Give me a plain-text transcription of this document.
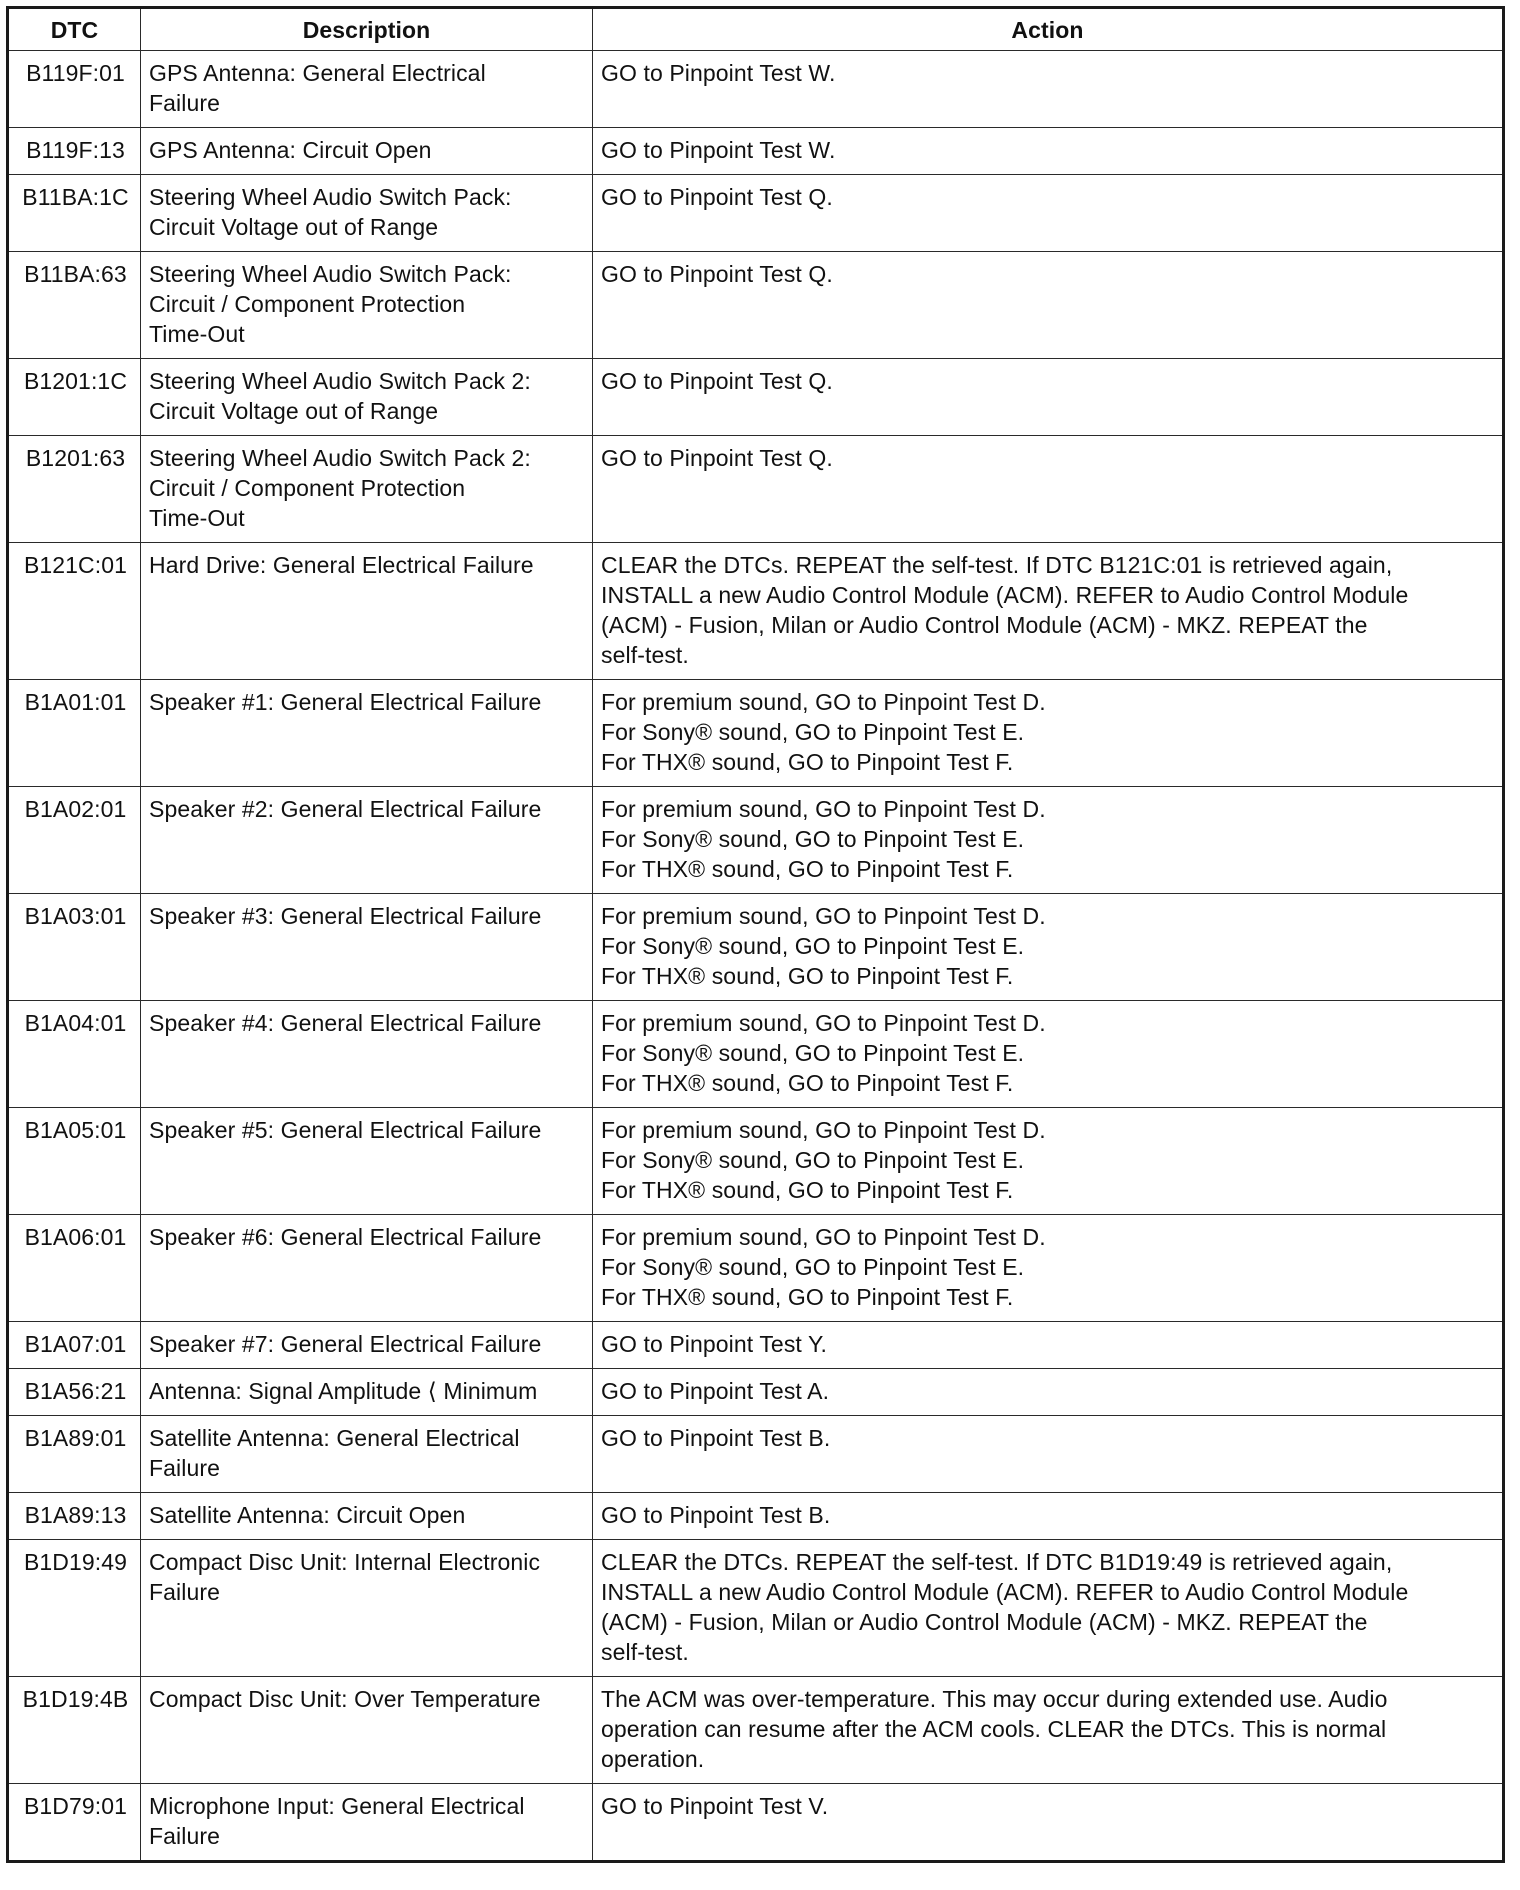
DTC	Description	Action
B119F:01	GPS Antenna: General Electrical
Failure	GO to Pinpoint Test W.

B119F:13	GPS Antenna: Circuit Open	GO to Pinpoint Test W.

B11BA:1C	Steering Wheel Audio Switch Pack:
Circuit Voltage out of Range	GO to Pinpoint Test Q.

B11BA:63	Steering Wheel Audio Switch Pack:
Circuit / Component Protection
Time-Out	GO to Pinpoint Test Q.

B1201:1C	Steering Wheel Audio Switch Pack 2:
Circuit Voltage out of Range	GO to Pinpoint Test Q.

B1201:63	Steering Wheel Audio Switch Pack 2:
Circuit / Component Protection
Time-Out	GO to Pinpoint Test Q.

B121C:01	Hard Drive: General Electrical Failure	CLEAR the DTCs. REPEAT the self-test. If DTC B121C:01 is retrieved again,
INSTALL a new Audio Control Module (ACM). REFER to Audio Control Module
(ACM) - Fusion, Milan or Audio Control Module (ACM) - MKZ. REPEAT the
self-test.

B1A01:01	Speaker #1: General Electrical Failure	For premium sound, GO to Pinpoint Test D.
For Sony® sound, GO to Pinpoint Test E.
For THX® sound, GO to Pinpoint Test F.

B1A02:01	Speaker #2: General Electrical Failure	For premium sound, GO to Pinpoint Test D.
For Sony® sound, GO to Pinpoint Test E.
For THX® sound, GO to Pinpoint Test F.

B1A03:01	Speaker #3: General Electrical Failure	For premium sound, GO to Pinpoint Test D.
For Sony® sound, GO to Pinpoint Test E.
For THX® sound, GO to Pinpoint Test F.

B1A04:01	Speaker #4: General Electrical Failure	For premium sound, GO to Pinpoint Test D.
For Sony® sound, GO to Pinpoint Test E.
For THX® sound, GO to Pinpoint Test F.

B1A05:01	Speaker #5: General Electrical Failure	For premium sound, GO to Pinpoint Test D.
For Sony® sound, GO to Pinpoint Test E.
For THX® sound, GO to Pinpoint Test F.

B1A06:01	Speaker #6: General Electrical Failure	For premium sound, GO to Pinpoint Test D.
For Sony® sound, GO to Pinpoint Test E.
For THX® sound, GO to Pinpoint Test F.

B1A07:01	Speaker #7: General Electrical Failure	GO to Pinpoint Test Y.

B1A56:21	Antenna: Signal Amplitude ⟨ Minimum	GO to Pinpoint Test A.

B1A89:01	Satellite Antenna: General Electrical
Failure	GO to Pinpoint Test B.

B1A89:13	Satellite Antenna: Circuit Open	GO to Pinpoint Test B.

B1D19:49	Compact Disc Unit: Internal Electronic
Failure	CLEAR the DTCs. REPEAT the self-test. If DTC B1D19:49 is retrieved again,
INSTALL a new Audio Control Module (ACM). REFER to Audio Control Module
(ACM) - Fusion, Milan or Audio Control Module (ACM) - MKZ. REPEAT the
self-test.

B1D19:4B	Compact Disc Unit: Over Temperature	The ACM was over-temperature. This may occur during extended use. Audio
operation can resume after the ACM cools. CLEAR the DTCs. This is normal
operation.

B1D79:01	Microphone Input: General Electrical
Failure	GO to Pinpoint Test V.
